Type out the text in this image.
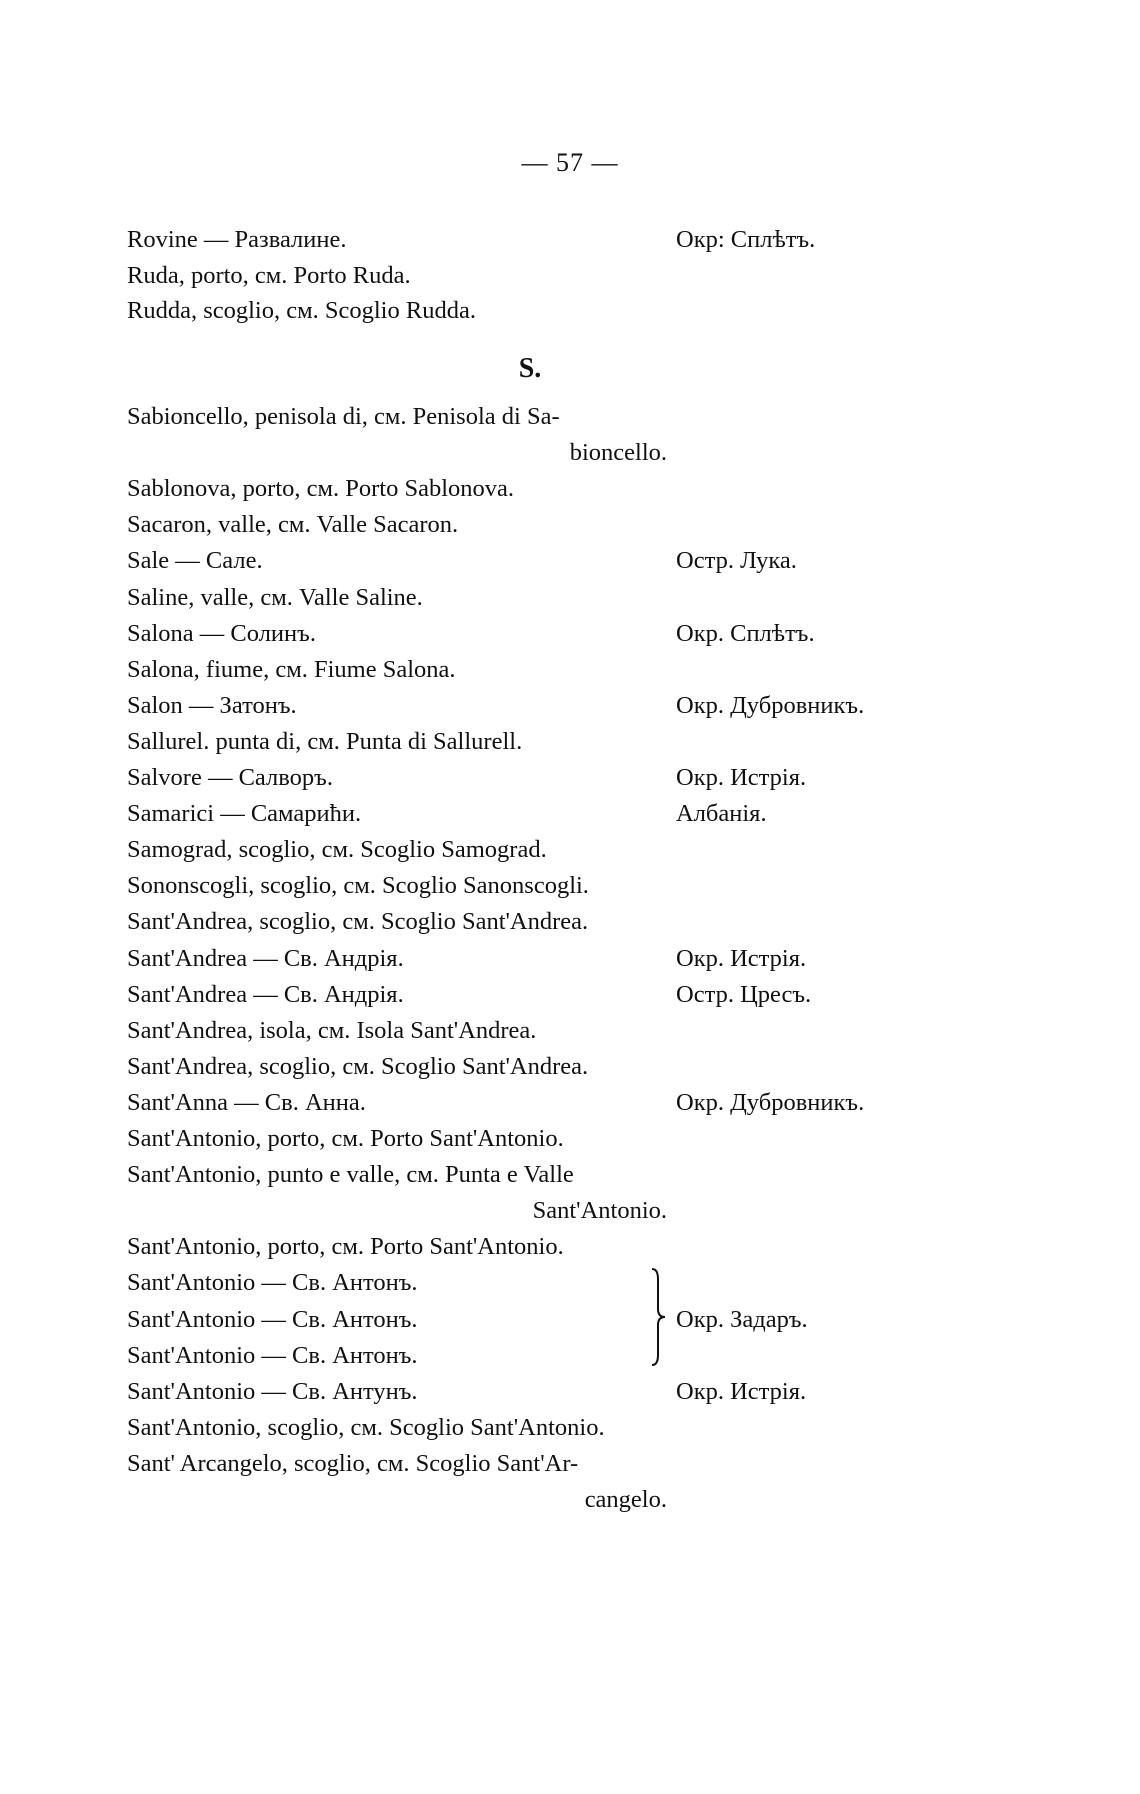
— 57 —
Rovine — Развалине.	Окр: Сплѣтъ.
Ruda, porto, см. Porto Ruda.
Rudda, scoglio, см. Scoglio Rudda.
S.
Sabioncello, penisola di, см. Penisola di Sa-
bioncello.
Sablonova, porto, см. Porto Sablonova.
Sacaron, valle, см. Valle Sacaron.
Sale — Сале.	Остр. Лука.
Saline, valle, см. Valle Saline.
Salona — Солинъ.	Окр. Сплѣтъ.
Salona, fiume, см. Fiume Salona.
Salon — Затонъ.	Окр. Дубровникъ.
Sallurel. punta di, см. Punta di Sallurell.
Salvore — Салворъ.	Окр. Истрія.
Samarici — Самарићи.	Албанія.
Samograd, scoglio, см. Scoglio Samograd.
Sononscogli, scoglio, см. Scoglio Sanonscogli.
Sant'Andrea, scoglio, см. Scoglio Sant'Andrea.
Sant'Andrea — Св. Андрія.	Окр. Истрія.
Sant'Andrea — Св. Андрія.	Остр. Цресъ.
Sant'Andrea, isola, см. Isola Sant'Andrea.
Sant'Andrea, scoglio, см. Scoglio Sant'Andrea.
Sant'Anna — Св. Анна.	Окр. Дубровникъ.
Sant'Antonio, porto, см. Porto Sant'Antonio.
Sant'Antonio, punto e valle, см. Punta e Valle
Sant'Antonio.
Sant'Antonio, porto, см. Porto Sant'Antonio.
Sant'Antonio — Св. Антонъ.
Sant'Antonio — Св. Антонъ.	Окр. Задаръ.
Sant'Antonio — Св. Антонъ.
Sant'Antonio — Св. Антунъ.	Окр. Истрія.
Sant'Antonio, scoglio, см. Scoglio Sant'Antonio.
Sant' Arcangelo, scoglio, см. Scoglio Sant'Ar-
cangelo.
